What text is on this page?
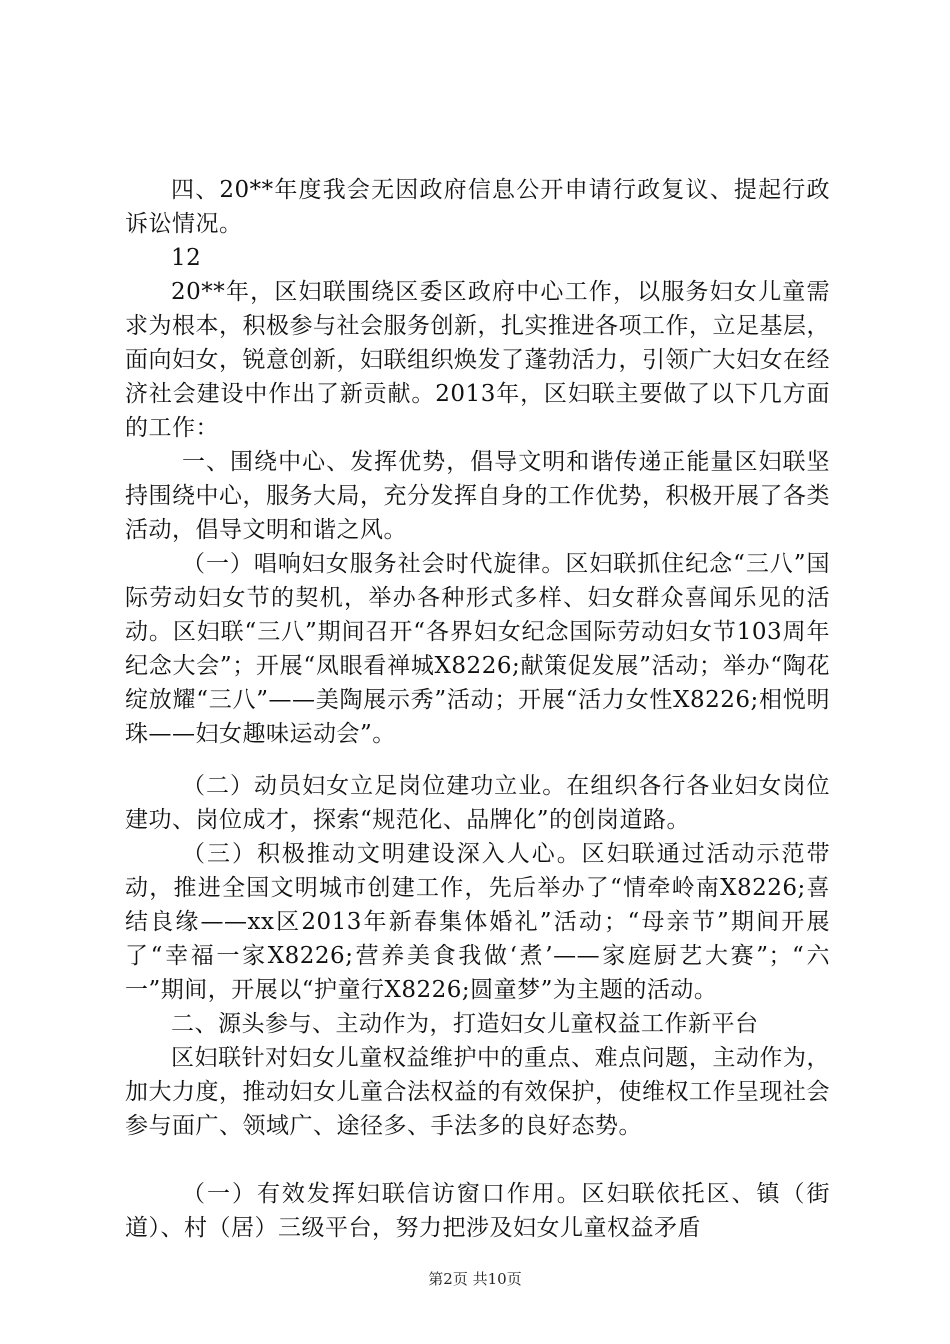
四、20**年度我会无因政府信息公开申请行政复议、提起行政诉讼情况。

12

20**年，区妇联围绕区委区政府中心工作，以服务妇女儿童需求为根本，积极参与社会服务创新，扎实推进各项工作，立足基层，面向妇女，锐意创新，妇联组织焕发了蓬勃活力，引领广大妇女在经济社会建设中作出了新贡献。2013年，区妇联主要做了以下几方面的工作：

一、围绕中心、发挥优势，倡导文明和谐传递正能量区妇联坚持围绕中心，服务大局，充分发挥自身的工作优势，积极开展了各类活动，倡导文明和谐之风。

（一）唱响妇女服务社会时代旋律。区妇联抓住纪念“三八”国际劳动妇女节的契机，举办各种形式多样、妇女群众喜闻乐见的活动。区妇联“三八”期间召开“各界妇女纪念国际劳动妇女节103周年纪念大会”；开展“凤眼看禅城X8226;献策促发展”活动；举办“陶花绽放耀“三八”——美陶展示秀”活动；开展“活力女性X8226;相悦明珠——妇女趣味运动会”。

（二）动员妇女立足岗位建功立业。在组织各行各业妇女岗位建功、岗位成才，探索“规范化、品牌化”的创岗道路。

（三）积极推动文明建设深入人心。区妇联通过活动示范带动，推进全国文明城市创建工作，先后举办了“情牵岭南X8226;喜结良缘——xx区2013年新春集体婚礼”活动；“母亲节”期间开展了“幸福一家X8226;营养美食我做‘煮’——家庭厨艺大赛”；“六一”期间，开展以“护童行X8226;圆童梦”为主题的活动。

二、源头参与、主动作为，打造妇女儿童权益工作新平台

区妇联针对妇女儿童权益维护中的重点、难点问题，主动作为，加大力度，推动妇女儿童合法权益的有效保护，使维权工作呈现社会参与面广、领域广、途径多、手法多的良好态势。

（一）有效发挥妇联信访窗口作用。区妇联依托区、镇（街道）、村（居）三级平台，努力把涉及妇女儿童权益矛盾

第2页 共10页
